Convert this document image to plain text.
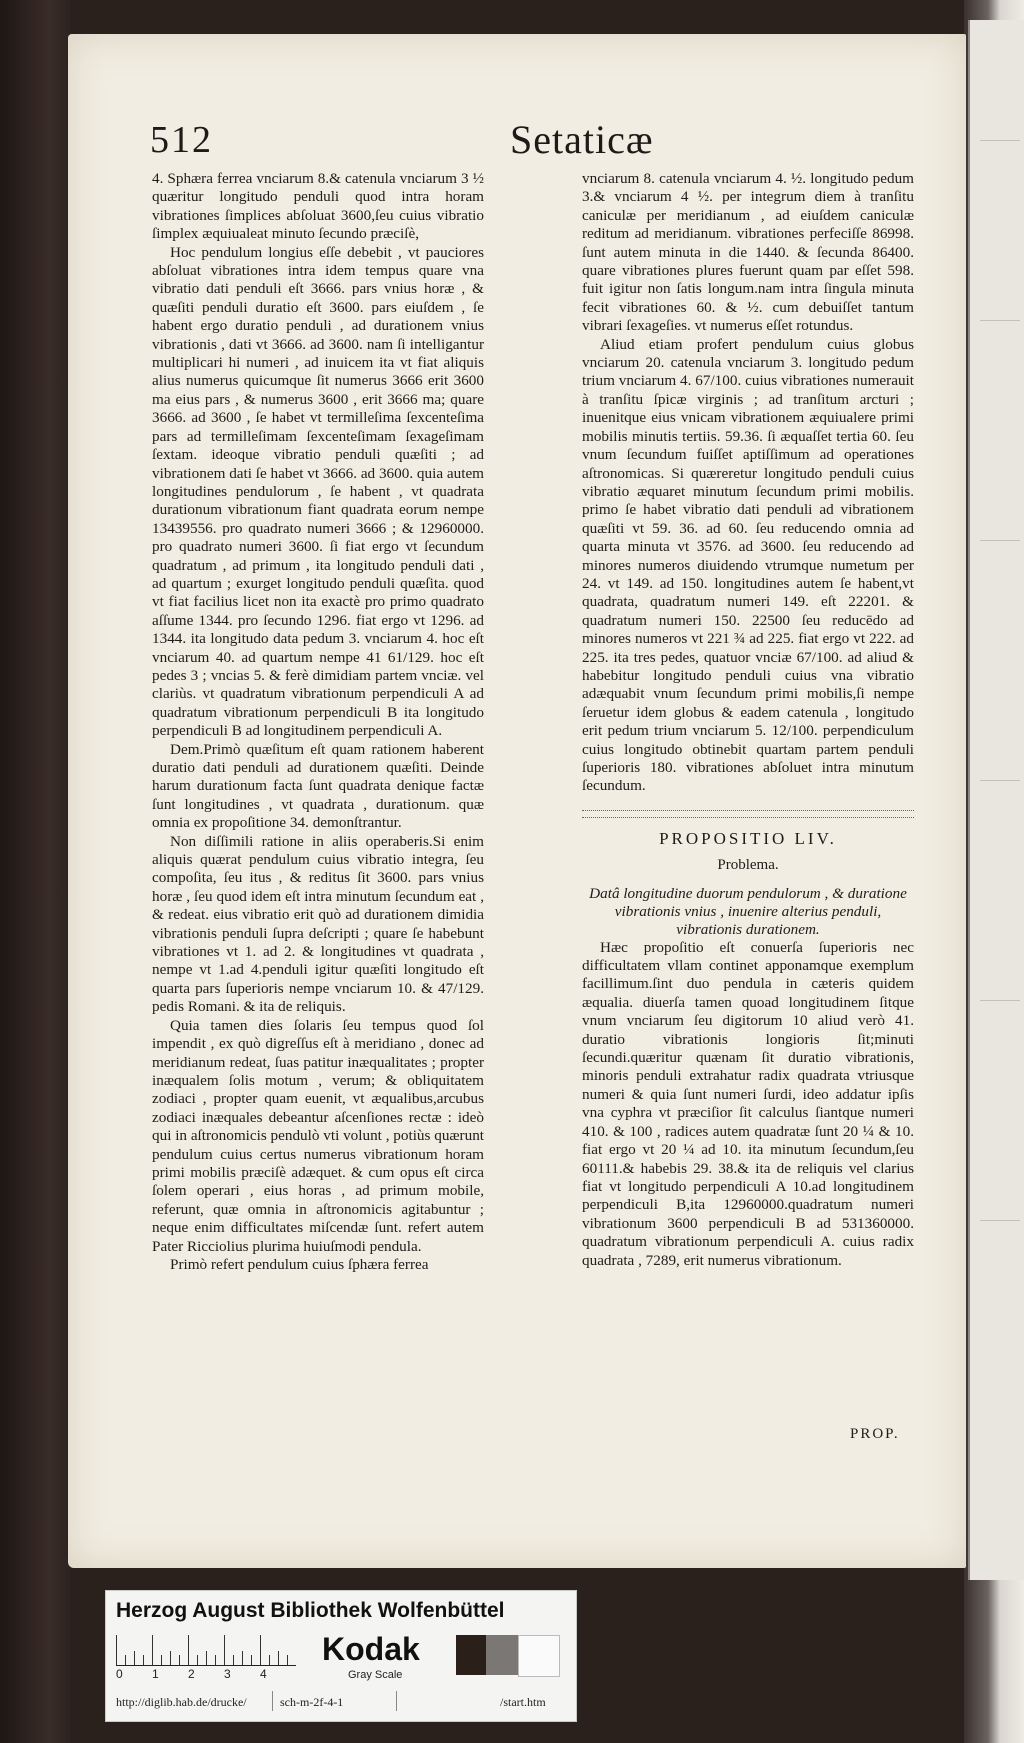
512	Setaticæ

4. Sphæra ferrea vnciarum 8.& catenula vnciarum 3 ½ quæritur longitudo penduli quod intra horam vibrationes ſimplices abſoluat 3600,ſeu cuius vibratio ſimplex æquiualeat minuto ſecundo præciſè,

Hoc pendulum longius eſſe debebit , vt pauciores abſoluat vibrationes intra idem tempus quare vna vibratio dati penduli eſt 3666. pars vnius horæ , & quæſiti penduli duratio eſt 3600. pars eiuſdem , ſe habent ergo duratio penduli , ad durationem vnius vibrationis , dati vt 3666. ad 3600. nam ſi intelligantur multiplicari hi numeri , ad inuicem ita vt fiat aliquis alius numerus quicumque ſit numerus 3666 erit 3600 ma eius pars , & numerus 3600 , erit 3666 ma; quare 3666. ad 3600 , ſe habet vt termilleſima ſexcenteſima pars ad termilleſimam ſexcenteſimam ſexageſimam ſextam. ideoque vibratio penduli quæſiti ; ad vibrationem dati ſe habet vt 3666. ad 3600. quia autem longitudines pendulorum , ſe habent , vt quadrata durationum vibrationum fiant quadrata eorum nempe 13439556. pro quadrato numeri 3666 ; & 12960000. pro quadrato numeri 3600. ſi fiat ergo vt ſecundum quadratum , ad primum , ita longitudo penduli dati , ad quartum ; exurget longitudo penduli quæſita. quod vt fiat facilius licet non ita exactè pro primo quadrato aſſume 1344. pro ſecundo 1296. fiat ergo vt 1296. ad 1344. ita longitudo data pedum 3. vnciarum 4. hoc eſt vnciarum 40. ad quartum nempe 41 61/129. hoc eſt pedes 3 ; vncias 5. & ferè dimidiam partem vnciæ. vel clariùs. vt quadratum vibrationum perpendiculi A ad quadratum vibrationum perpendiculi B ita longitudo perpendiculi B ad longitudinem perpendiculi A.

Dem.Primò quæſitum eſt quam rationem haberent duratio dati penduli ad durationem quæſiti. Deinde harum durationum facta ſunt quadrata denique factæ ſunt longitudines , vt quadrata , durationum. quæ omnia ex propoſitione 34. demonſtrantur.

Non diſſimili ratione in aliis operaberis.Si enim aliquis quærat pendulum cuius vibratio integra, ſeu compoſita, ſeu itus , & reditus ſit 3600. pars vnius horæ , ſeu quod idem eſt intra minutum ſecundum eat , & redeat. eius vibratio erit quò ad durationem dimidia vibrationis penduli ſupra deſcripti ; quare ſe habebunt vibrationes vt 1. ad 2. & longitudines vt quadrata , nempe vt 1.ad 4.penduli igitur quæſiti longitudo eſt quarta pars ſuperioris nempe vnciarum 10. & 47/129. pedis Romani. & ita de reliquis.

Quia tamen dies ſolaris ſeu tempus quod ſol impendit , ex quò digreſſus eſt à meridiano , donec ad meridianum redeat, ſuas patitur inæqualitates ; propter inæqualem ſolis motum , verum; & obliquitatem zodiaci , propter quam euenit, vt æqualibus,arcubus zodiaci inæquales debeantur aſcenſiones rectæ : ideò qui in aſtronomicis pendulò vti volunt , potiùs quærunt pendulum cuius certus numerus vibrationum horam primi mobilis præciſè adæquet. & cum opus eſt circa ſolem operari , eius horas , ad primum mobile, referunt, quæ omnia in aſtronomicis agitabuntur ; neque enim difficultates miſcendæ ſunt. refert autem Pater Ricciolius plurima huiuſmodi pendula.

Primò refert pendulum cuius ſphæra ferrea

vnciarum 8. catenula vnciarum 4. ½. longitudo pedum 3.& vnciarum 4 ½. per integrum diem à tranſitu caniculæ per meridianum , ad eiuſdem caniculæ reditum ad meridianum. vibrationes perfeciſſe 86998. ſunt autem minuta in die 1440. & ſecunda 86400. quare vibrationes plures fuerunt quam par eſſet 598. fuit igitur non ſatis longum.nam intra ſingula minuta fecit vibrationes 60. & ½. cum debuiſſet tantum vibrari ſexageſies. vt numerus eſſet rotundus.

Aliud etiam profert pendulum cuius globus vnciarum 20. catenula vnciarum 3. longitudo pedum trium vnciarum 4. 67/100. cuius vibrationes numerauit à tranſitu ſpicæ virginis ; ad tranſitum arcturi ; inuenitque eius vnicam vibrationem æquiualere primi mobilis minutis tertiis. 59.36. ſi æquaſſet tertia 60. ſeu vnum ſecundum fuiſſet aptiſſimum ad operationes aſtronomicas. Si quæreretur longitudo penduli cuius vibratio æquaret minutum ſecundum primi mobilis. primo ſe habet vibratio dati penduli ad vibrationem quæſiti vt 59. 36. ad 60. ſeu reducendo omnia ad quarta minuta vt 3576. ad 3600. ſeu reducendo ad minores numeros diuidendo vtrumque numetum per 24. vt 149. ad 150. longitudines autem ſe habent,vt quadrata, quadratum numeri 149. eſt 22201. & quadratum numeri 150. 22500 ſeu reducēdo ad minores numeros vt 221 ¾ ad 225. fiat ergo vt 222. ad 225. ita tres pedes, quatuor vnciæ 67/100. ad aliud & habebitur longitudo penduli cuius vna vibratio adæquabit vnum ſecundum primi mobilis,ſi nempe ſeruetur idem globus & eadem catenula , longitudo erit pedum trium vnciarum 5. 12/100. perpendiculum cuius longitudo obtinebit quartam partem penduli ſuperioris 180. vibrationes abſoluet intra minutum ſecundum.

PROPOSITIO LIV.
Problema.

Datâ longitudine duorum pendulorum , & duratione vibrationis vnius , inuenire alterius penduli, vibrationis durationem.

Hæc propoſitio eſt conuerſa ſuperioris nec difficultatem vllam continet apponamque exemplum facillimum.ſint duo pendula in cæteris quidem æqualia. diuerſa tamen quoad longitudinem ſitque vnum vnciarum ſeu digitorum 10 aliud verò 41. duratio vibrationis longioris ſit;minuti ſecundi.quæritur quænam ſit duratio vibrationis, minoris penduli extrahatur radix quadrata vtriusque numeri & quia ſunt numeri ſurdi, ideo addatur ipſis vna cyphra vt præciſior ſit calculus ſiantque numeri 410. & 100 , radices autem quadratæ ſunt 20 ¼ & 10. fiat ergo vt 20 ¼ ad 10. ita minutum ſecundum,ſeu 60111.& habebis 29. 38.& ita de reliquis vel clarius fiat vt longitudo perpendiculi A 10.ad longitudinem perpendiculi B,ita 12960000.quadratum numeri vibrationum 3600 perpendiculi B ad 531360000. quadratum vibrationum perpendiculi A. cuius radix quadrata , 7289, erit numerus vibrationum.

PROP.
Herzog August Bibliothek Wolfenbüttel
0 1 2 3 4
Kodak
Gray Scale
http://diglib.hab.de/drucke/	sch-m-2f-4-1	/start.htm
